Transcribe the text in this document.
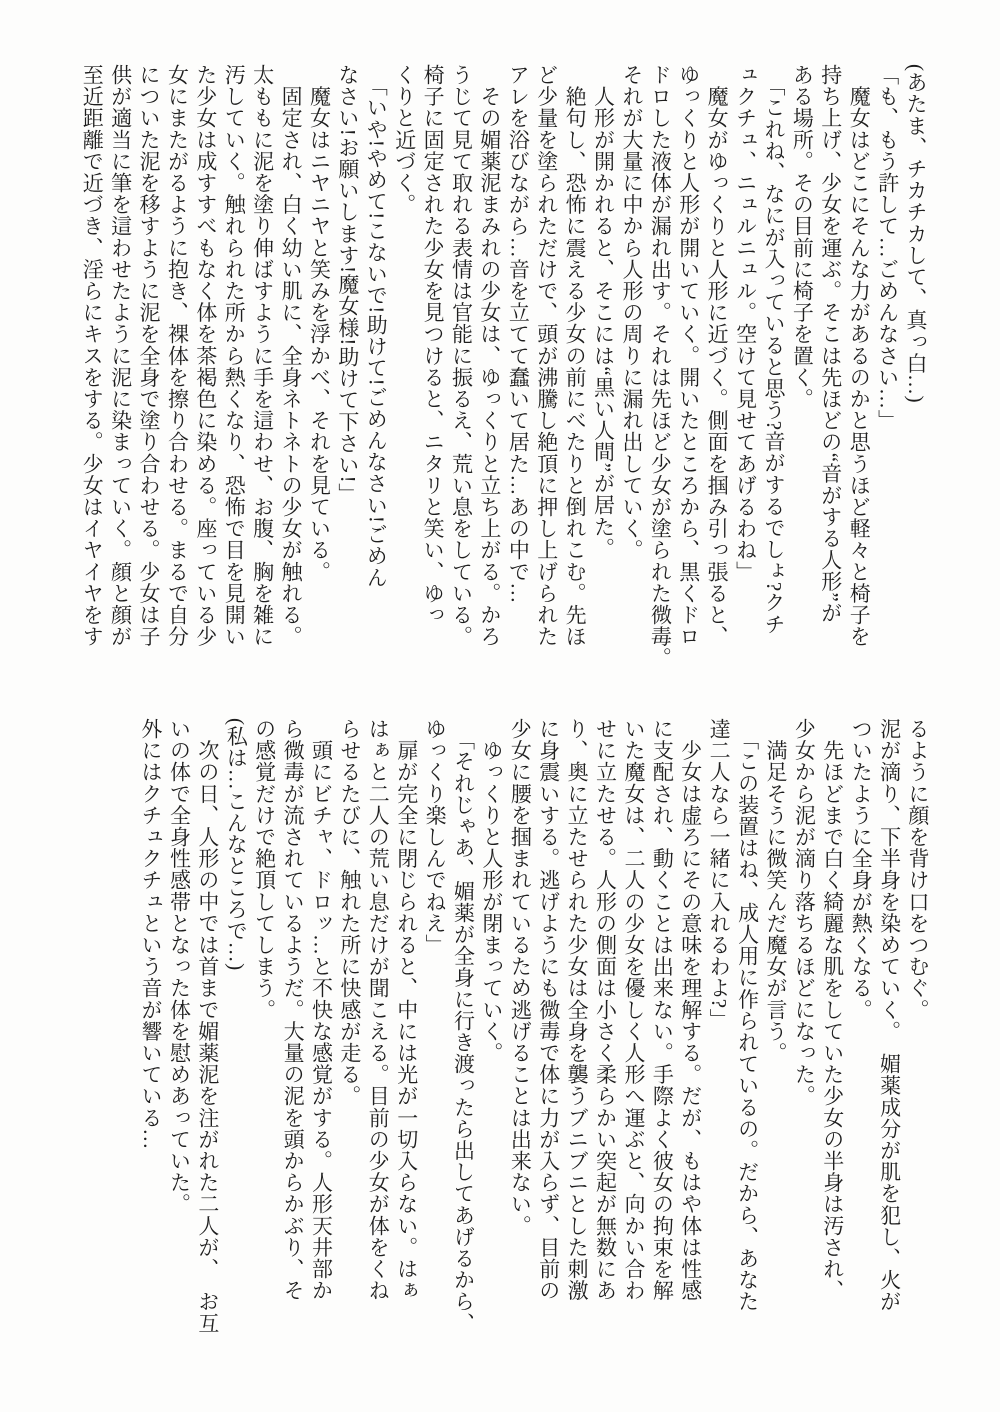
(あたま、チカチカして、真っ白…)

「も、もう許して…ごめんなさい…」

　魔女はどこにそんな力があるのかと思うほど軽々と椅子を

持ち上げ、少女を運ぶ。そこは先ほどの“音がする人形”が

ある場所。その目前に椅子を置く。

　「これね、なにが入っていると思う?音がするでしょ?クチ

ュクチュ、ニュルニュル。空けて見せてあげるわね」

　魔女がゆっくりと人形に近づく。側面を掴み引っ張ると、

ゆっくりと人形が開いていく。開いたところから、黒くドロ

ドロした液体が漏れ出す。それは先ほど少女が塗られた微毒。

それが大量に中から人形の周りに漏れ出していく。

　人形が開かれると、そこには“黒い人間”が居た。

　絶句し、恐怖に震える少女の前にべたりと倒れこむ。先ほ

ど少量を塗られただけで、頭が沸騰し絶頂に押し上げられた

アレを浴びながら…音を立てて蠢いて居た…あの中で…

　その媚薬泥まみれの少女は、ゆっくりと立ち上がる。かろ

うじて見て取れる表情は官能に振るえ、荒い息をしている。

椅子に固定された少女を見つけると、ニタリと笑い、ゆっ

くりと近づく。

　「いや!やめて!こないで!助けて!ごめんなさい!ごめん

なさい!お願いします!魔女様!助けて下さい!」

　魔女はニヤニヤと笑みを浮かべ、それを見ている。

　固定され、白く幼い肌に、全身ネトネトの少女が触れる。

太ももに泥を塗り伸ばすように手を這わせ、お腹、胸を雑に

汚していく。触れられた所から熱くなり、恐怖で目を見開い

た少女は成すすべもなく体を茶褐色に染める。座っている少

女にまたがるように抱き、裸体を擦り合わせる。まるで自分

についた泥を移すように泥を全身で塗り合わせる。少女は子

供が適当に筆を這わせたように泥に染まっていく。顔と顔が

至近距離で近づき、淫らにキスをする。少女はイヤイヤをす

るように顔を背け口をつむぐ。

泥が滴り、下半身を染めていく。　媚薬成分が肌を犯し、火が

ついたように全身が熱くなる。

　先ほどまで白く綺麗な肌をしていた少女の半身は汚され、

少女から泥が滴り落ちるほどになった。

　満足そうに微笑んだ魔女が言う。

　「この装置はね、成人用に作られているの。だから、あなた

達二人なら一緒に入れるわよ?」

　少女は虚ろにその意味を理解する。だが、もはや体は性感

に支配され、動くことは出来ない。手際よく彼女の拘束を解

いた魔女は、二人の少女を優しく人形へ運ぶと、向かい合わ

せに立たせる。人形の側面は小さく柔らかい突起が無数にあ

り、奥に立たせられた少女は全身を襲うブニブニとした刺激

に身震いする。逃げようにも微毒で体に力が入らず、目前の

少女に腰を掴まれているため逃げることは出来ない。

　ゆっくりと人形が閉まっていく。

　「それじゃあ、媚薬が全身に行き渡ったら出してあげるから、

ゆっくり楽しんでねえ」

　扉が完全に閉じられると、中には光が一切入らない。はぁ

はぁと二人の荒い息だけが聞こえる。目前の少女が体をくね

らせるたびに、触れた所に快感が走る。

　頭にビチャ、ドロッ…と不快な感覚がする。人形天井部か

ら微毒が流されているようだ。大量の泥を頭からかぶり、そ

の感覚だけで絶頂してしまう。

(私は…こんなところで…)

　次の日、人形の中では首まで媚薬泥を注がれた二人が、　お互

いの体で全身性感帯となった体を慰めあっていた。

外にはクチュクチュという音が響いている…
